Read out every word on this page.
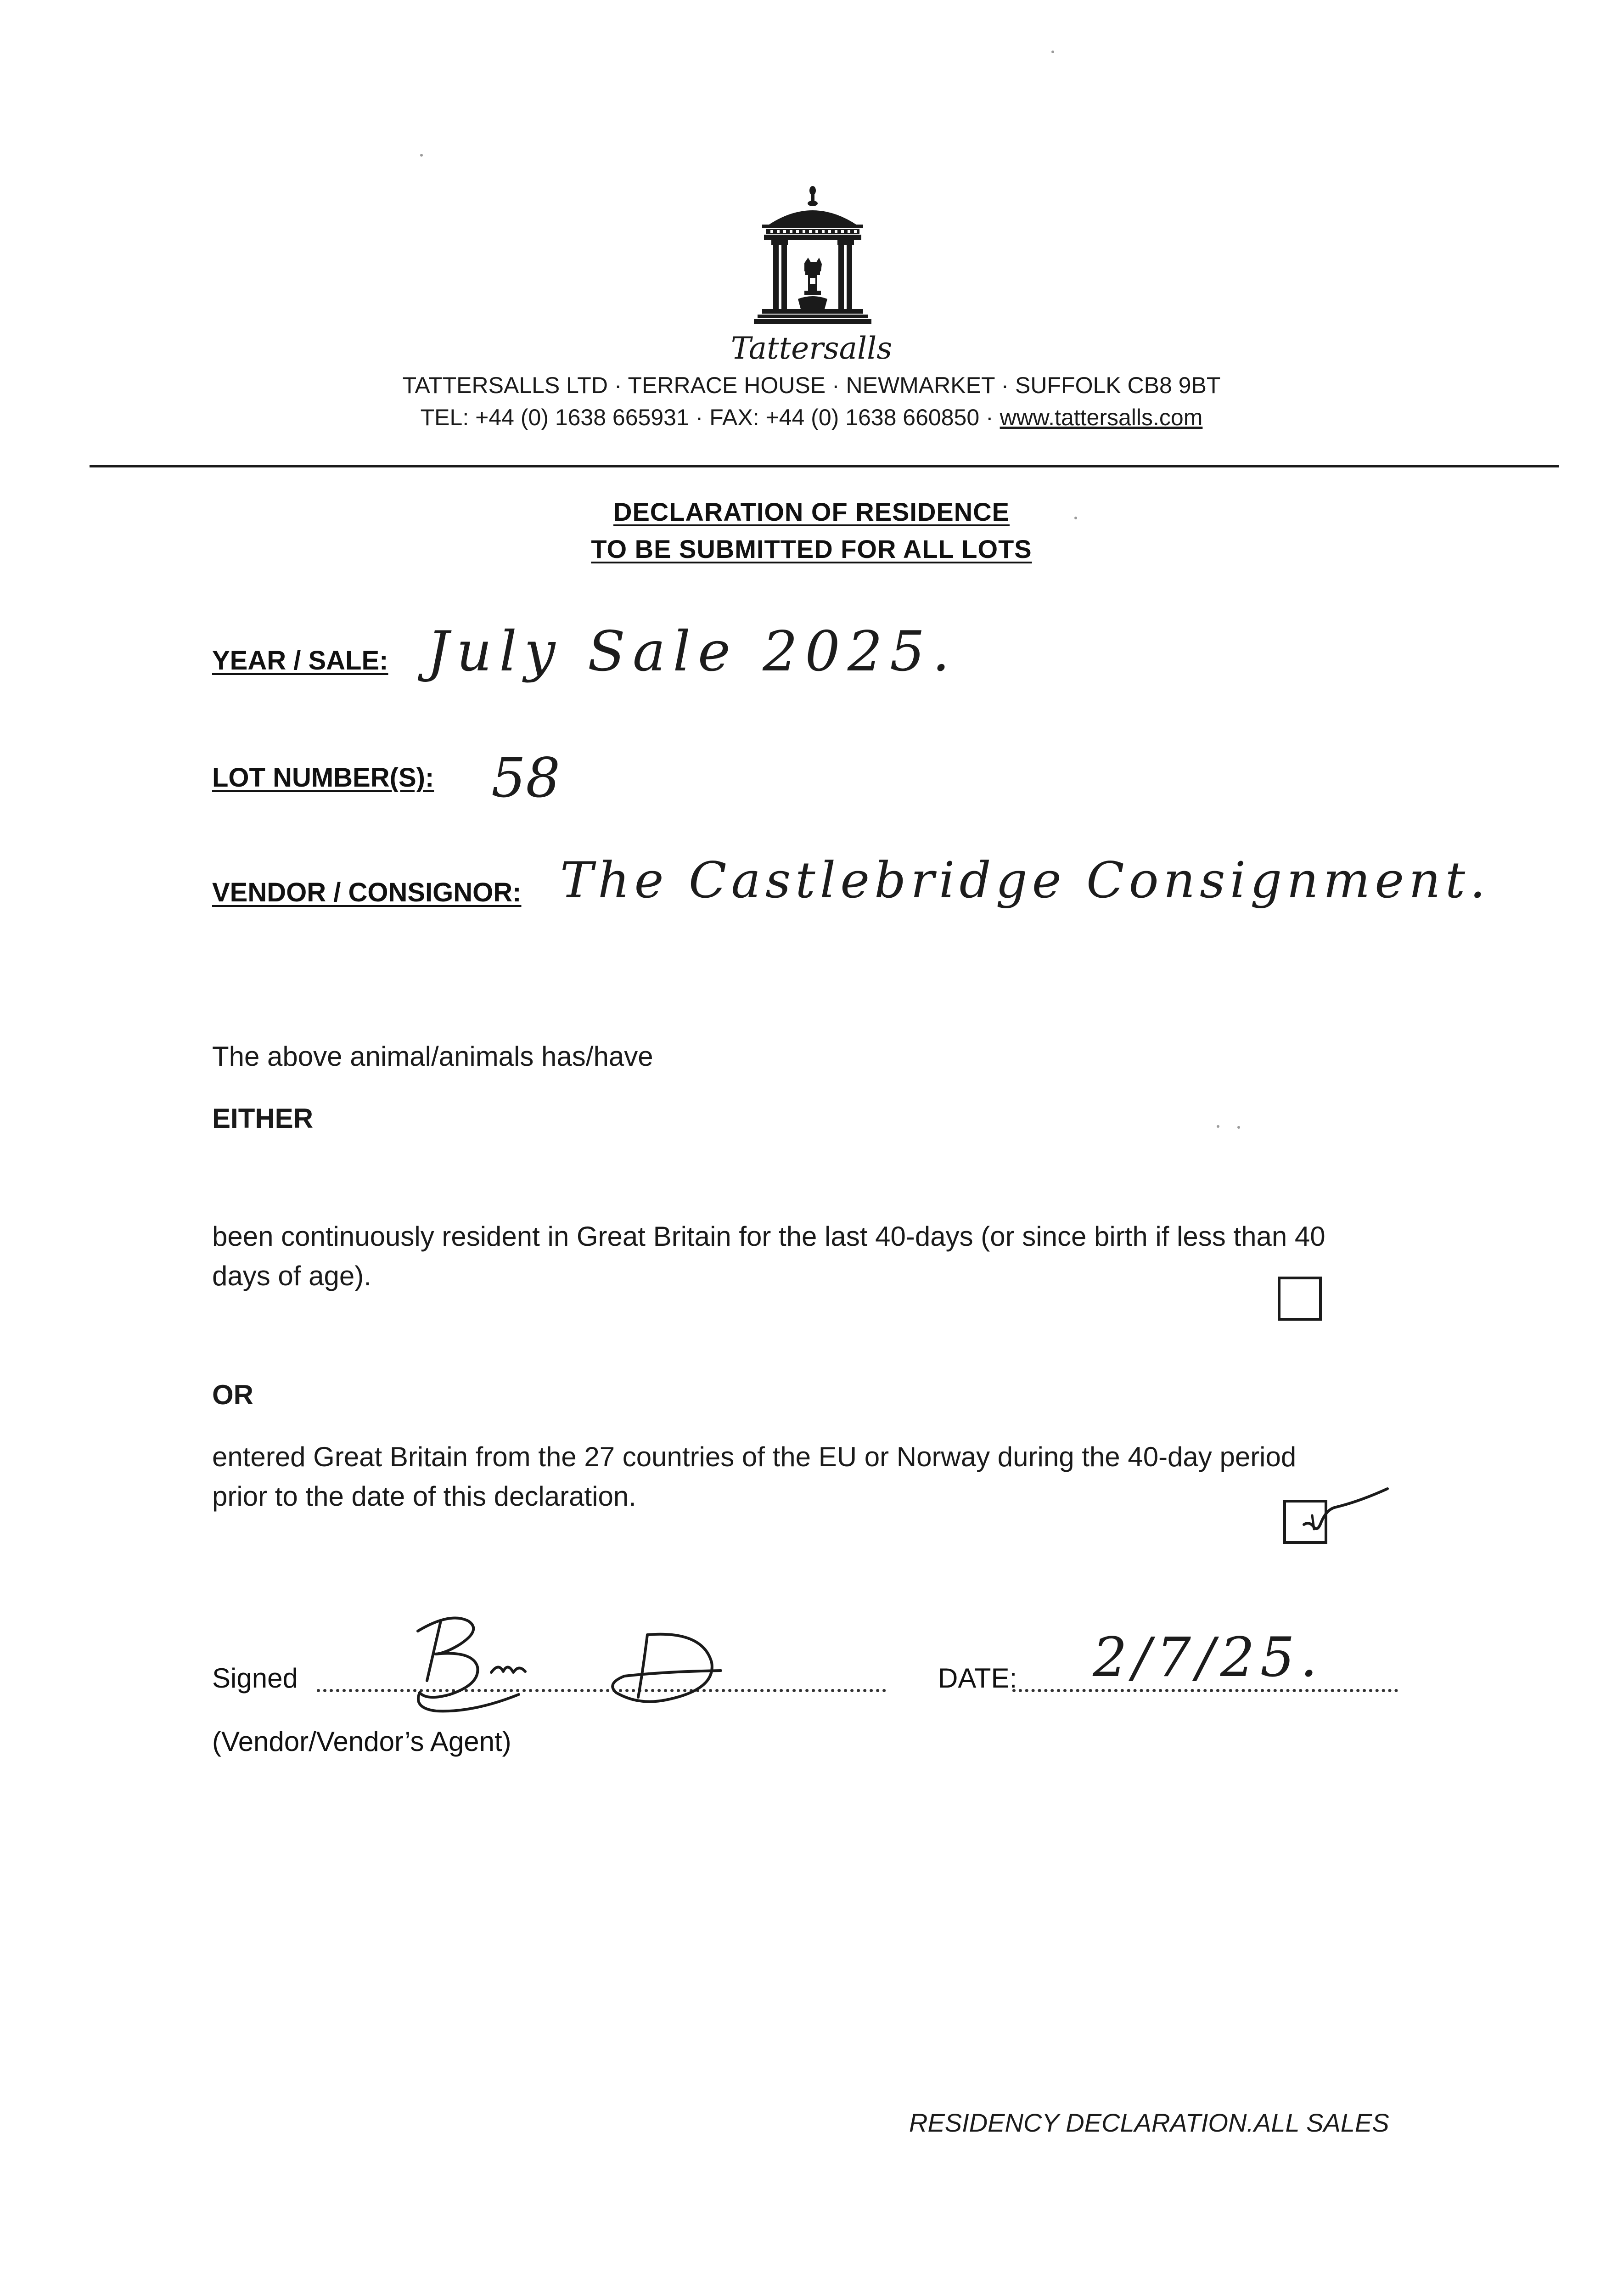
Tattersalls
TATTERSALLS LTD · TERRACE HOUSE · NEWMARKET · SUFFOLK CB8 9BT
TEL: +44 (0) 1638 665931 · FAX: +44 (0) 1638 660850 · www.tattersalls.com
DECLARATION OF RESIDENCE
TO BE SUBMITTED FOR ALL LOTS
YEAR / SALE: July Sale 2025.
LOT NUMBER(S): 58
VENDOR / CONSIGNOR: The Castlebridge Consignment.
The above animal/animals has/have
EITHER
been continuously resident in Great Britain for the last 40-days (or since birth if less than 40
days of age).
OR
entered Great Britain from the 27 countries of the EU or Norway during the 40-day period
prior to the date of this declaration.
Signed	DATE: 2/7/25.
(Vendor/Vendor’s Agent)
RESIDENCY DECLARATION.ALL SALES
